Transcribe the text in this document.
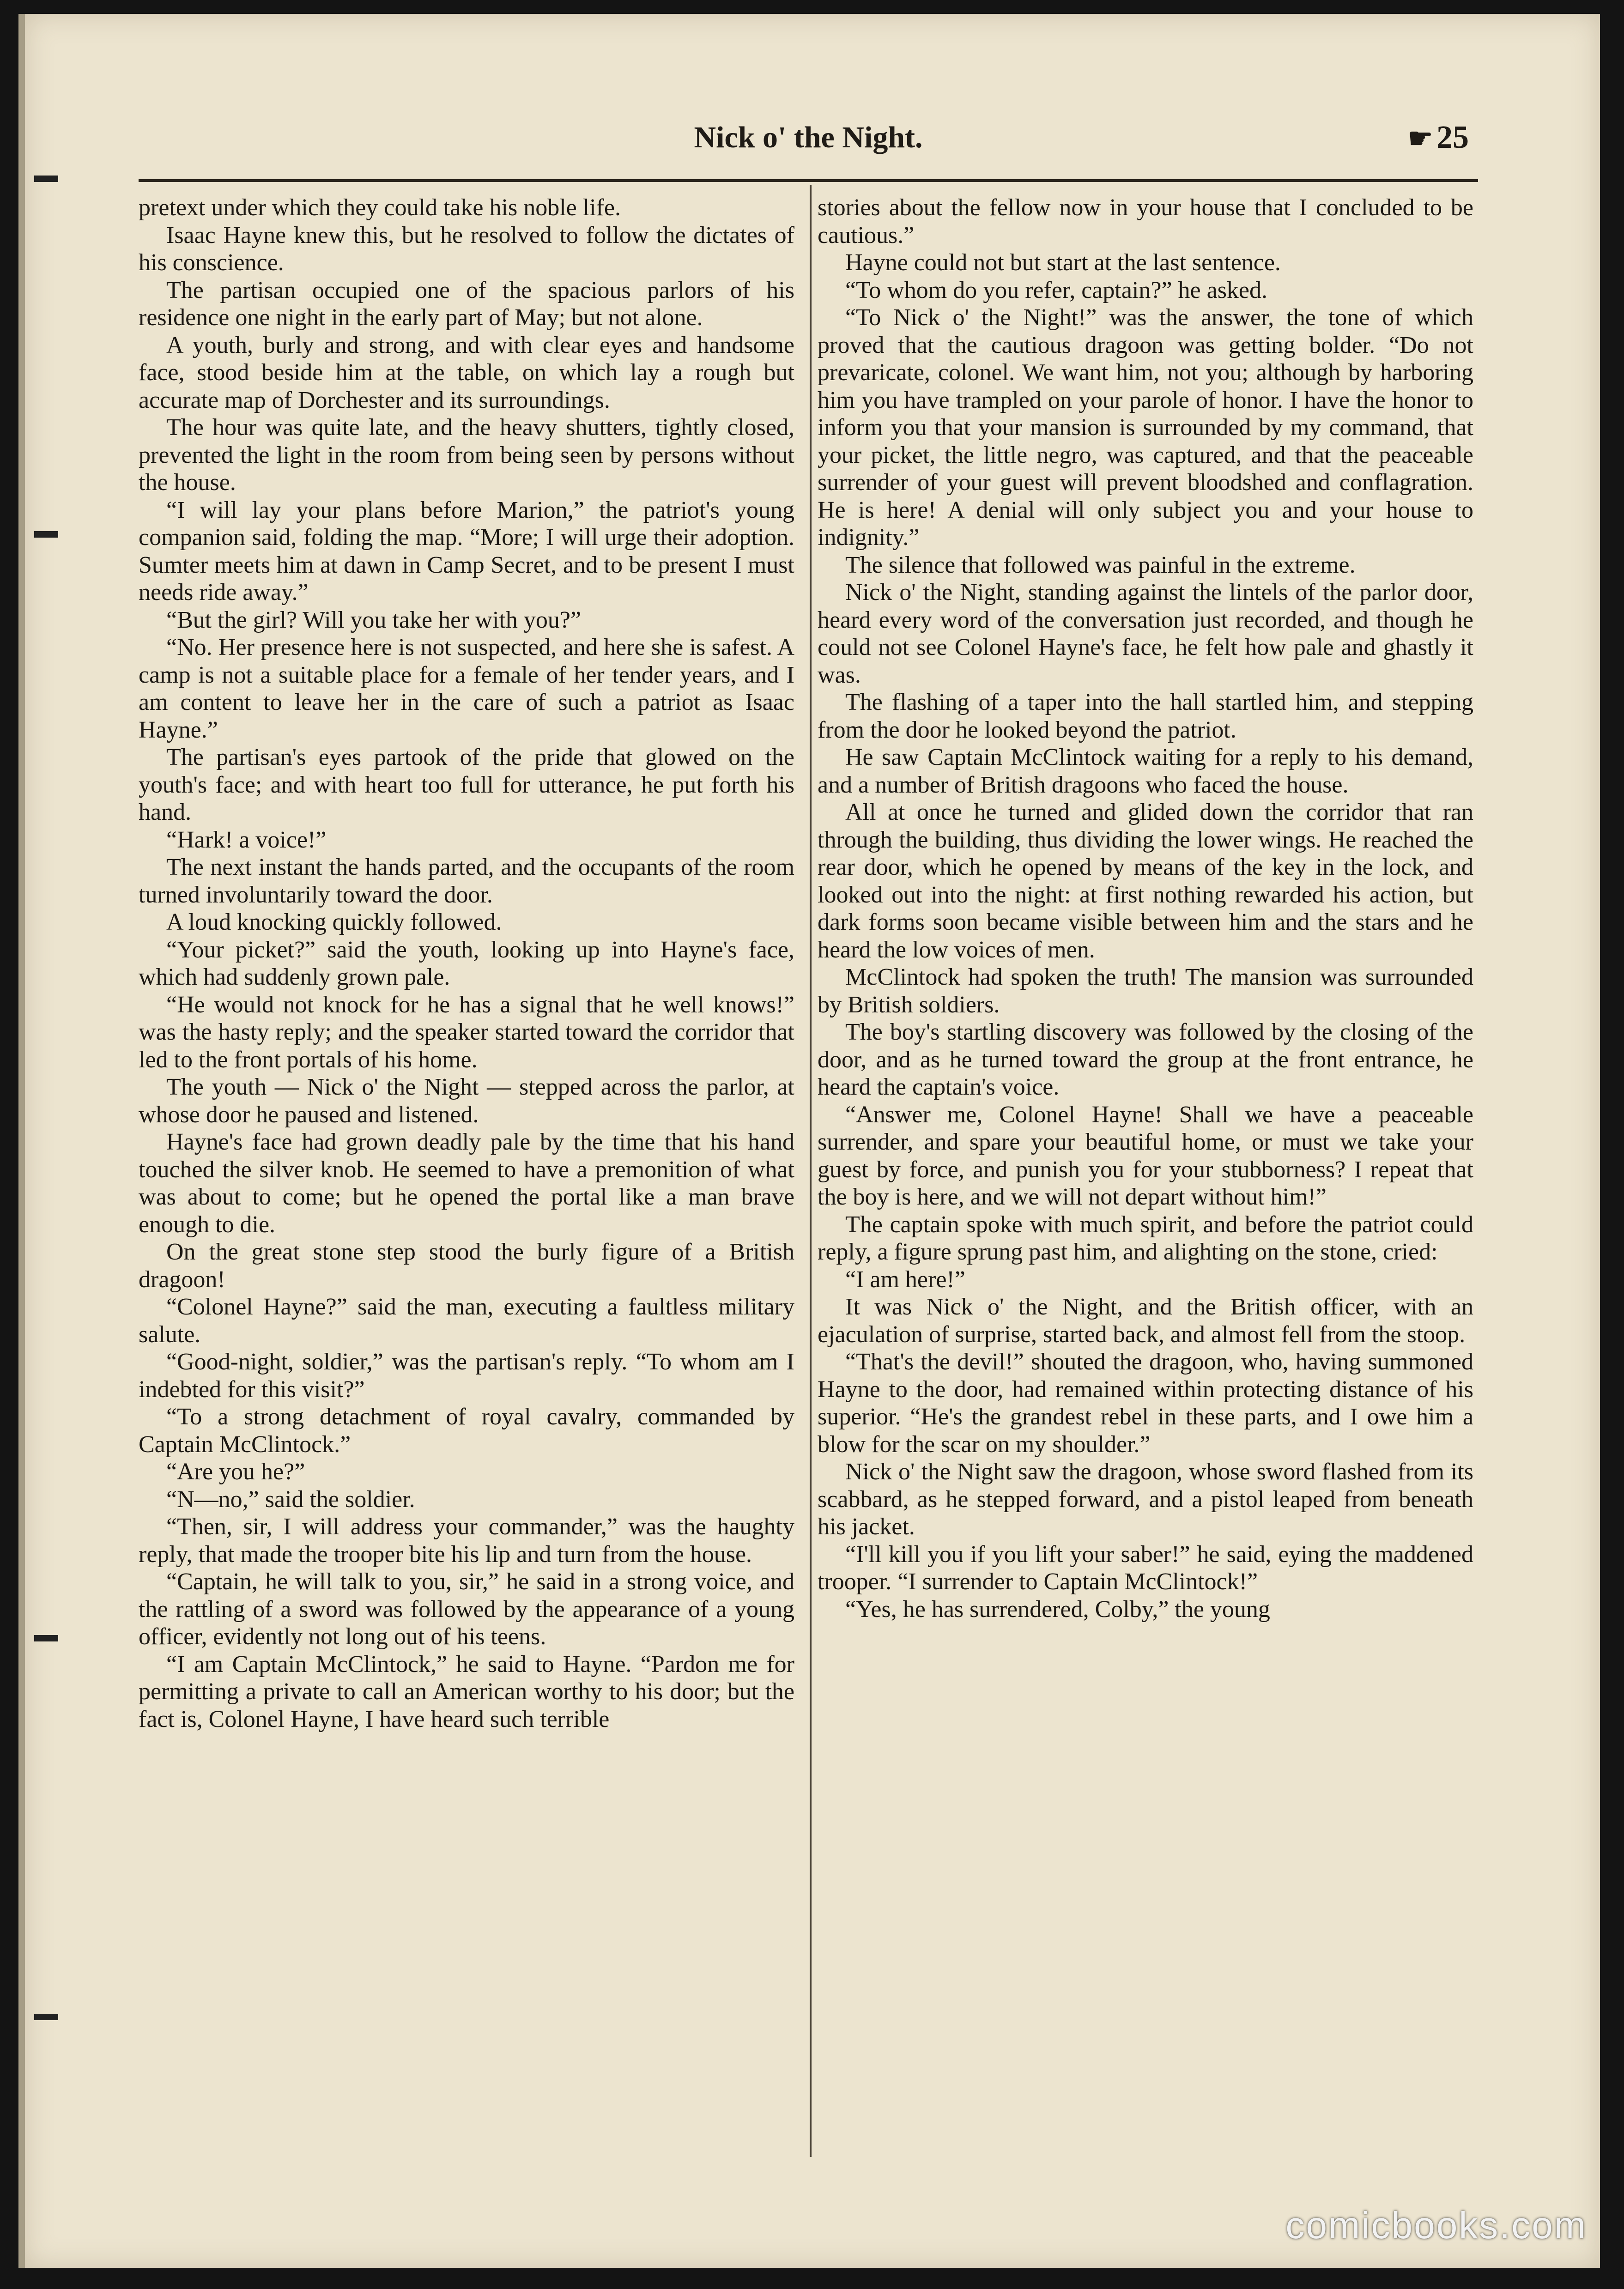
Nick o' the Night.	☛ 25

pretext under which they could take his noble life.

Isaac Hayne knew this, but he resolved to follow the dictates of his conscience.

The partisan occupied one of the spacious parlors of his residence one night in the early part of May; but not alone.

A youth, burly and strong, and with clear eyes and handsome face, stood beside him at the table, on which lay a rough but accurate map of Dorchester and its surroundings.

The hour was quite late, and the heavy shutters, tightly closed, prevented the light in the room from being seen by persons without the house.

“I will lay your plans before Marion,” the patriot's young companion said, folding the map. “More; I will urge their adoption. Sumter meets him at dawn in Camp Secret, and to be present I must needs ride away.”

“But the girl? Will you take her with you?”

“No. Her presence here is not suspected, and here she is safest. A camp is not a suitable place for a female of her tender years, and I am content to leave her in the care of such a patriot as Isaac Hayne.”

The partisan's eyes partook of the pride that glowed on the youth's face; and with heart too full for utterance, he put forth his hand.

“Hark! a voice!”

The next instant the hands parted, and the occupants of the room turned involuntarily toward the door.

A loud knocking quickly followed.

“Your picket?” said the youth, looking up into Hayne's face, which had suddenly grown pale.

“He would not knock for he has a signal that he well knows!” was the hasty reply; and the speaker started toward the corridor that led to the front portals of his home.

The youth — Nick o' the Night — stepped across the parlor, at whose door he paused and listened.

Hayne's face had grown deadly pale by the time that his hand touched the silver knob. He seemed to have a premonition of what was about to come; but he opened the portal like a man brave enough to die.

On the great stone step stood the burly figure of a British dragoon!

“Colonel Hayne?” said the man, executing a faultless military salute.

“Good-night, soldier,” was the partisan's reply. “To whom am I indebted for this visit?”

“To a strong detachment of royal cavalry, commanded by Captain McClintock.”

“Are you he?”

“N—no,” said the soldier.

“Then, sir, I will address your commander,” was the haughty reply, that made the trooper bite his lip and turn from the house.

“Captain, he will talk to you, sir,” he said in a strong voice, and the rattling of a sword was followed by the appearance of a young officer, evidently not long out of his teens.

“I am Captain McClintock,” he said to Hayne. “Pardon me for permitting a private to call an American worthy to his door; but the fact is, Colonel Hayne, I have heard such terrible

stories about the fellow now in your house that I concluded to be cautious.”

Hayne could not but start at the last sentence.

“To whom do you refer, captain?” he asked.

“To Nick o' the Night!” was the answer, the tone of which proved that the cautious dragoon was getting bolder. “Do not prevaricate, colonel. We want him, not you; although by harboring him you have trampled on your parole of honor. I have the honor to inform you that your mansion is surrounded by my command, that your picket, the little negro, was captured, and that the peaceable surrender of your guest will prevent bloodshed and conflagration. He is here! A denial will only subject you and your house to indignity.”

The silence that followed was painful in the extreme.

Nick o' the Night, standing against the lintels of the parlor door, heard every word of the conversation just recorded, and though he could not see Colonel Hayne's face, he felt how pale and ghastly it was.

The flashing of a taper into the hall startled him, and stepping from the door he looked beyond the patriot.

He saw Captain McClintock waiting for a reply to his demand, and a number of British dragoons who faced the house.

All at once he turned and glided down the corridor that ran through the building, thus dividing the lower wings. He reached the rear door, which he opened by means of the key in the lock, and looked out into the night: at first nothing rewarded his action, but dark forms soon became visible between him and the stars and he heard the low voices of men.

McClintock had spoken the truth! The mansion was surrounded by British soldiers.

The boy's startling discovery was followed by the closing of the door, and as he turned toward the group at the front entrance, he heard the captain's voice.

“Answer me, Colonel Hayne! Shall we have a peaceable surrender, and spare your beautiful home, or must we take your guest by force, and punish you for your stubborness? I repeat that the boy is here, and we will not depart without him!”

The captain spoke with much spirit, and before the patriot could reply, a figure sprung past him, and alighting on the stone, cried:

“I am here!”

It was Nick o' the Night, and the British officer, with an ejaculation of surprise, started back, and almost fell from the stoop.

“That's the devil!” shouted the dragoon, who, having summoned Hayne to the door, had remained within protecting distance of his superior. “He's the grandest rebel in these parts, and I owe him a blow for the scar on my shoulder.”

Nick o' the Night saw the dragoon, whose sword flashed from its scabbard, as he stepped forward, and a pistol leaped from beneath his jacket.

“I'll kill you if you lift your saber!” he said, eying the maddened trooper. “I surrender to Captain McClintock!”

“Yes, he has surrendered, Colby,” the young

comicbooks.com
